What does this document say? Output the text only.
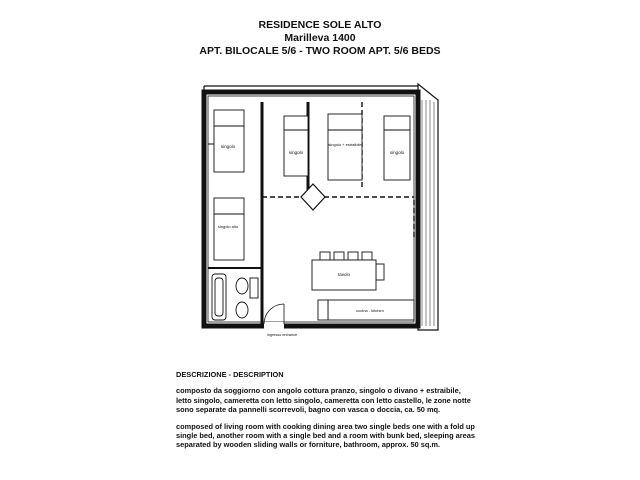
RESIDENCE SOLE ALTO
Marilleva 1400
APT. BILOCALE 5/6 - TWO ROOM APT. 5/6 BEDS
singolo
singolo
singolo + estraibile
singolo
singolo alto
tavolo
cucina - kitchen
ingresso entrance
DESCRIZIONE - DESCRIPTION

composto da soggiorno con angolo cottura pranzo, singolo o divano + estraibile, letto singolo, cameretta con letto singolo, cameretta con letto castello, le zone notte sono separate da pannelli scorrevoli, bagno con vasca o doccia, ca. 50 mq.

composed of living room with cooking dining area two single beds one with a fold up single bed, another room with a single bed and a room with bunk bed, sleeping areas separated by wooden sliding walls or forniture, bathroom, approx. 50 sq.m.
